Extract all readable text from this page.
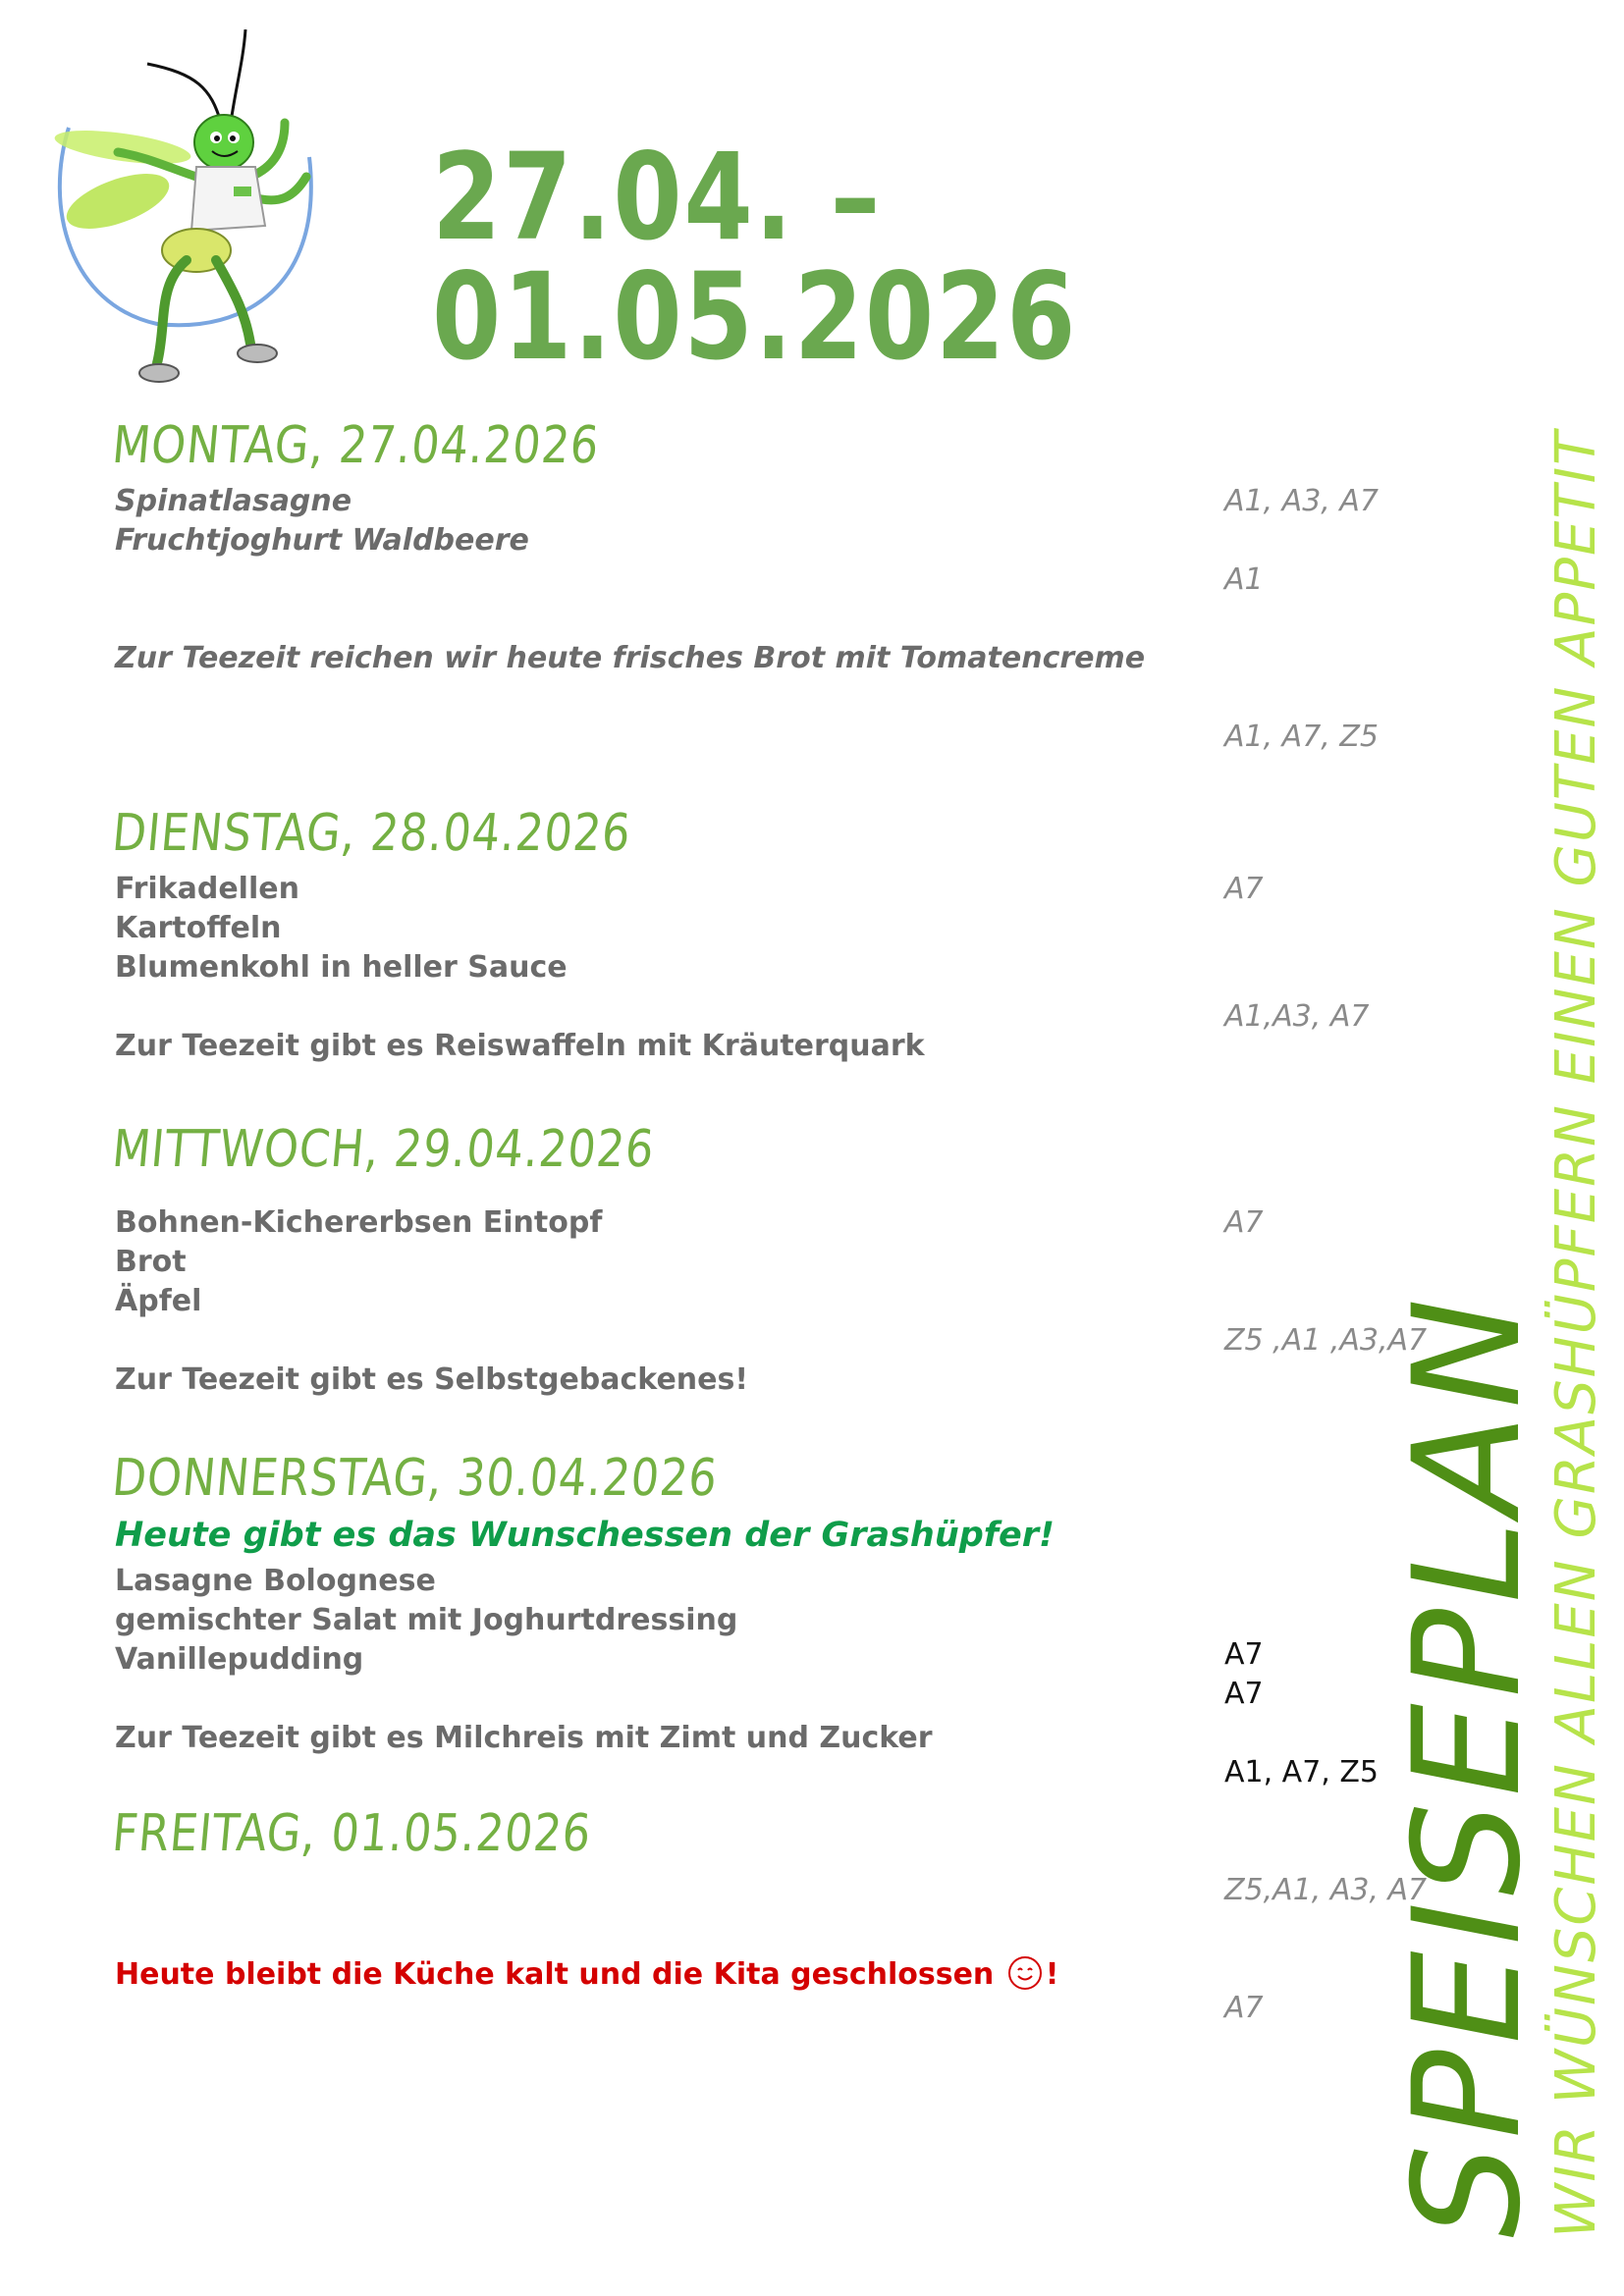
27.04. – 01.05.2026
MONTAG, 27.04.2026
Spinatlasagne
Fruchtjoghurt Waldbeere
Zur Teezeit reichen wir heute frisches Brot mit Tomatencreme
A1, A3, A7
A1
A1, A7, Z5
DIENSTAG, 28.04.2026
Frikadellen
Kartoffeln
Blumenkohl in heller Sauce
Zur Teezeit gibt es Reiswaffeln mit Kräuterquark
A7
A1,A3, A7
MITTWOCH, 29.04.2026
Bohnen-Kichererbsen Eintopf
Brot
Äpfel
Zur Teezeit gibt es Selbstgebackenes!
A7
Z5 ,A1 ,A3,A7
DONNERSTAG, 30.04.2026
Heute gibt es das Wunschessen der Grashüpfer!
Lasagne Bolognese
gemischter Salat mit Joghurtdressing
Vanillepudding
Zur Teezeit gibt es Milchreis mit Zimt und Zucker
A7
A7
A1, A7, Z5
FREITAG, 01.05.2026
Heute bleibt die Küche kalt und die Kita geschlossen !
Z5,A1, A3, A7
A7 SPEISEPLAN
WIR WÜNSCHEN ALLEN GRASHÜPFERN EINEN GUTEN APPETIT
